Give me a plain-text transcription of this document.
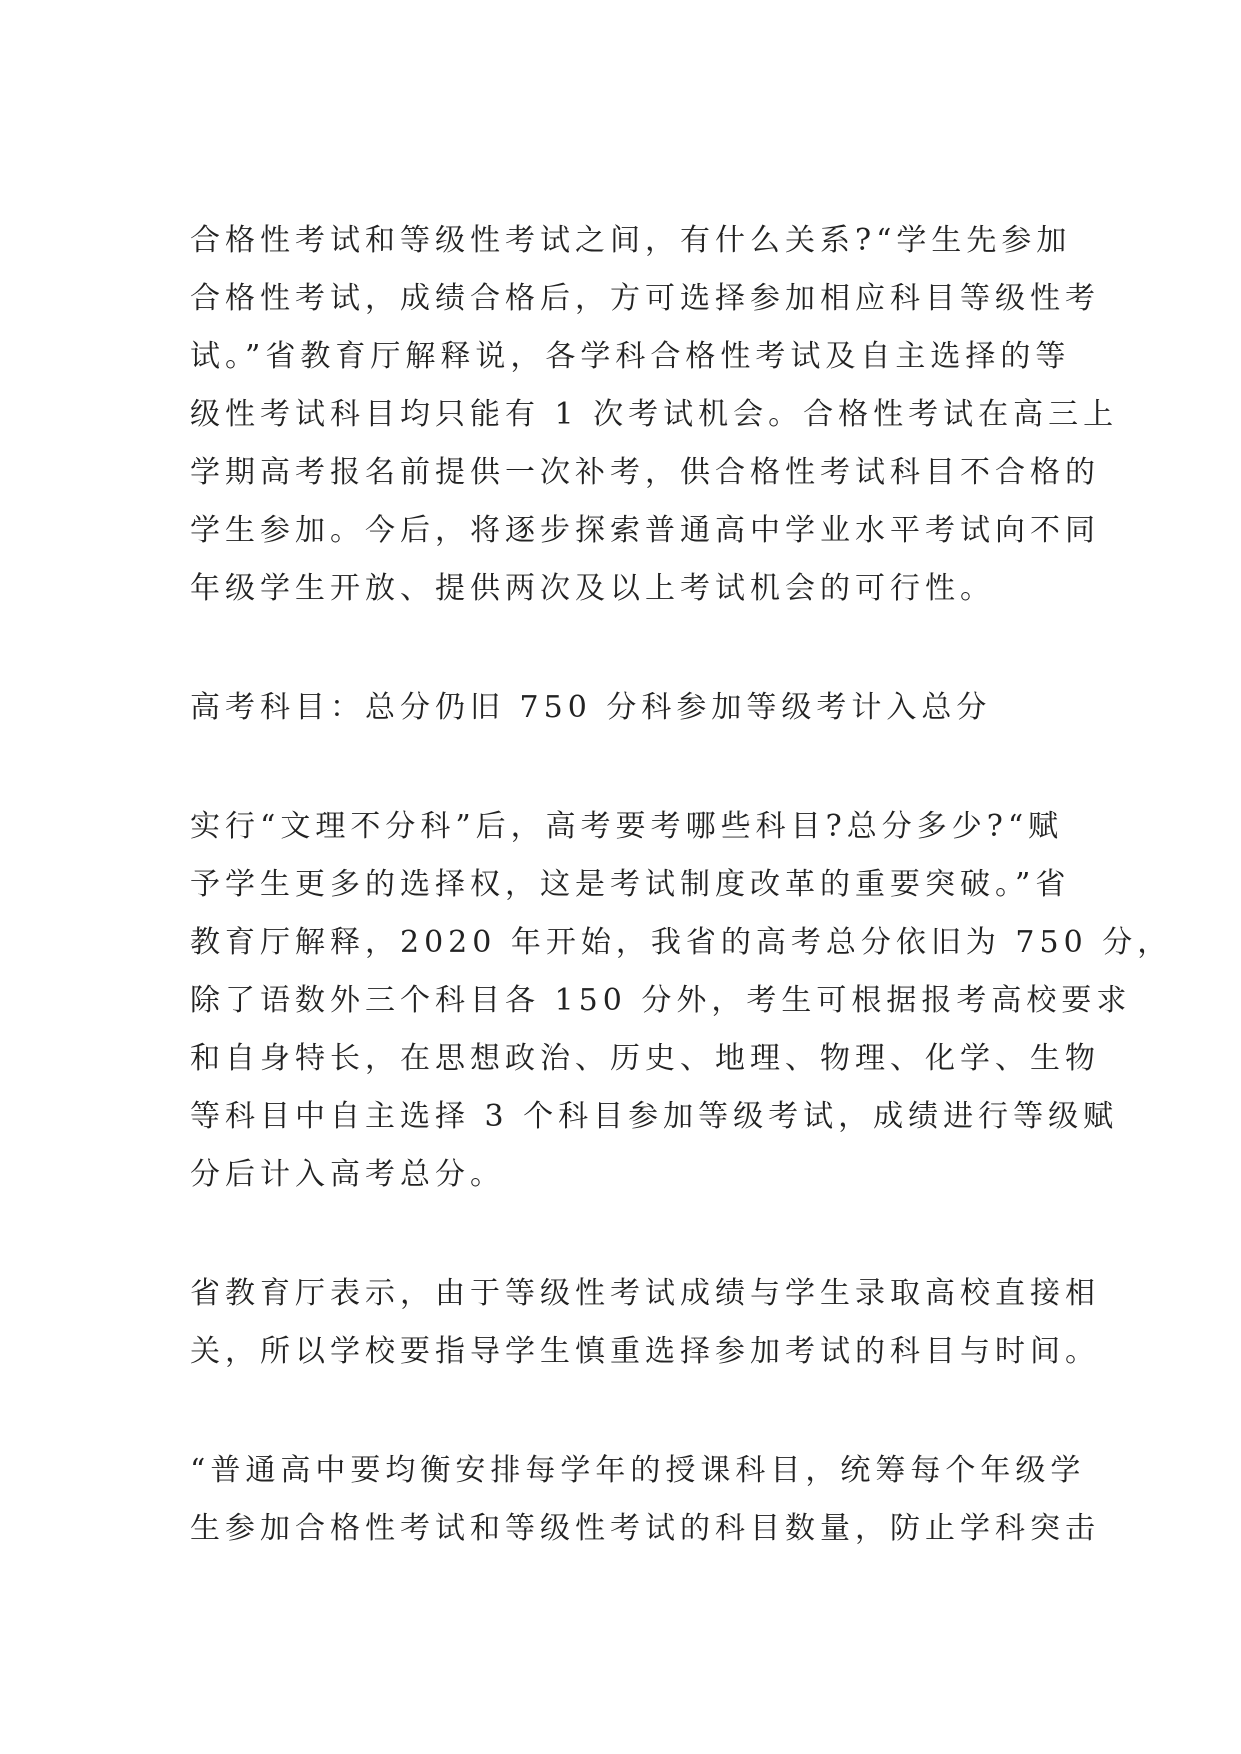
合格性考试和等级性考试之间，有什么关系?“学生先参加
合格性考试，成绩合格后，方可选择参加相应科目等级性考
试。”省教育厅解释说，各学科合格性考试及自主选择的等
级性考试科目均只能有 1 次考试机会。合格性考试在高三上
学期高考报名前提供一次补考，供合格性考试科目不合格的
学生参加。今后，将逐步探索普通高中学业水平考试向不同
年级学生开放、提供两次及以上考试机会的可行性。
高考科目：总分仍旧 750 分科参加等级考计入总分
实行“文理不分科”后，高考要考哪些科目?总分多少?“赋
予学生更多的选择权，这是考试制度改革的重要突破。”省
教育厅解释，2020 年开始，我省的高考总分依旧为 750 分，
除了语数外三个科目各 150 分外，考生可根据报考高校要求
和自身特长，在思想政治、历史、地理、物理、化学、生物
等科目中自主选择 3 个科目参加等级考试，成绩进行等级赋
分后计入高考总分。
省教育厅表示，由于等级性考试成绩与学生录取高校直接相
关，所以学校要指导学生慎重选择参加考试的科目与时间。
“普通高中要均衡安排每学年的授课科目，统筹每个年级学
生参加合格性考试和等级性考试的科目数量，防止学科突击
